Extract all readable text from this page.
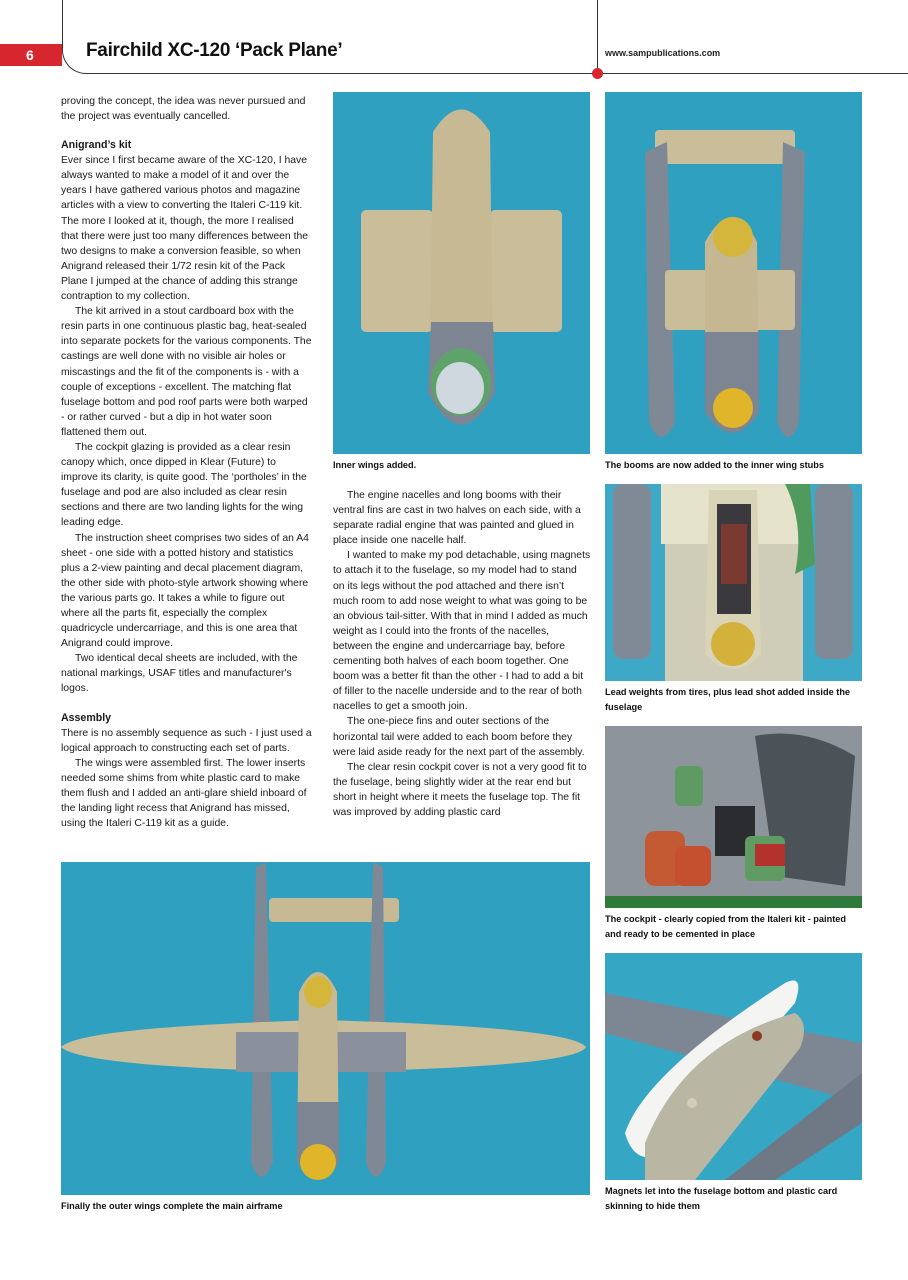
6	Fairchild XC-120 ‘Pack Plane’	www.sampublications.com

proving the concept, the idea was never pursued and the project was eventually cancelled.

Anigrand’s kit

Ever since I first became aware of the XC-120, I have always wanted to make a model of it and over the years I have gathered various photos and magazine articles with a view to converting the Italeri C-119 kit. The more I looked at it, though, the more I realised that there were just too many differences between the two designs to make a conversion feasible, so when Anigrand released their 1/72 resin kit of the Pack Plane I jumped at the chance of adding this strange contraption to my collection.

The kit arrived in a stout cardboard box with the resin parts in one continuous plastic bag, heat-sealed into separate pockets for the various components. The castings are well done with no visible air holes or miscastings and the fit of the components is - with a couple of exceptions - excellent. The matching flat fuselage bottom and pod roof parts were both warped - or rather curved - but a dip in hot water soon flattened them out.

The cockpit glazing is provided as a clear resin canopy which, once dipped in Klear (Future) to improve its clarity, is quite good. The ‘portholes’ in the fuselage and pod are also included as clear resin sections and there are two landing lights for the wing leading edge.

The instruction sheet comprises two sides of an A4 sheet - one side with a potted history and statistics plus a 2-view painting and decal placement diagram, the other side with photo-style artwork showing where the various parts go. It takes a while to figure out where all the parts fit, especially the complex quadricycle undercarriage, and this is one area that Anigrand could improve.

Two identical decal sheets are included, with the national markings, USAF titles and manufacturer's logos.

Assembly

There is no assembly sequence as such - I just used a logical approach to constructing each set of parts.

The wings were assembled first. The lower inserts needed some shims from white plastic card to make them flush and I added an anti-glare shield inboard of the landing light recess that Anigrand has missed, using the Italeri C-119 kit as a guide.

The engine nacelles and long booms with their ventral fins are cast in two halves on each side, with a separate radial engine that was painted and glued in place inside one nacelle half.

I wanted to make my pod detachable, using magnets to attach it to the fuselage, so my model had to stand on its legs without the pod attached and there isn’t much room to add nose weight to what was going to be an obvious tail-sitter. With that in mind I added as much weight as I could into the fronts of the nacelles, between the engine and undercarriage bay, before cementing both halves of each boom together. One boom was a better fit than the other - I had to add a bit of filler to the nacelle underside and to the rear of both nacelles to get a smooth join.

The one-piece fins and outer sections of the horizontal tail were added to each boom before they were laid aside ready for the next part of the assembly.

The clear resin cockpit cover is not a very good fit to the fuselage, being slightly wider at the rear end but short in height where it meets the fuselage top. The fit was improved by adding plastic card

Inner wings added.	The booms are now added to the inner wing stubs
Lead weights from tires, plus lead shot added inside the fuselage
The cockpit - clearly copied from the Italeri kit - painted and ready to be cemented in place
Magnets let into the fuselage bottom and plastic card skinning to hide them
Finally the outer wings complete the main airframe
